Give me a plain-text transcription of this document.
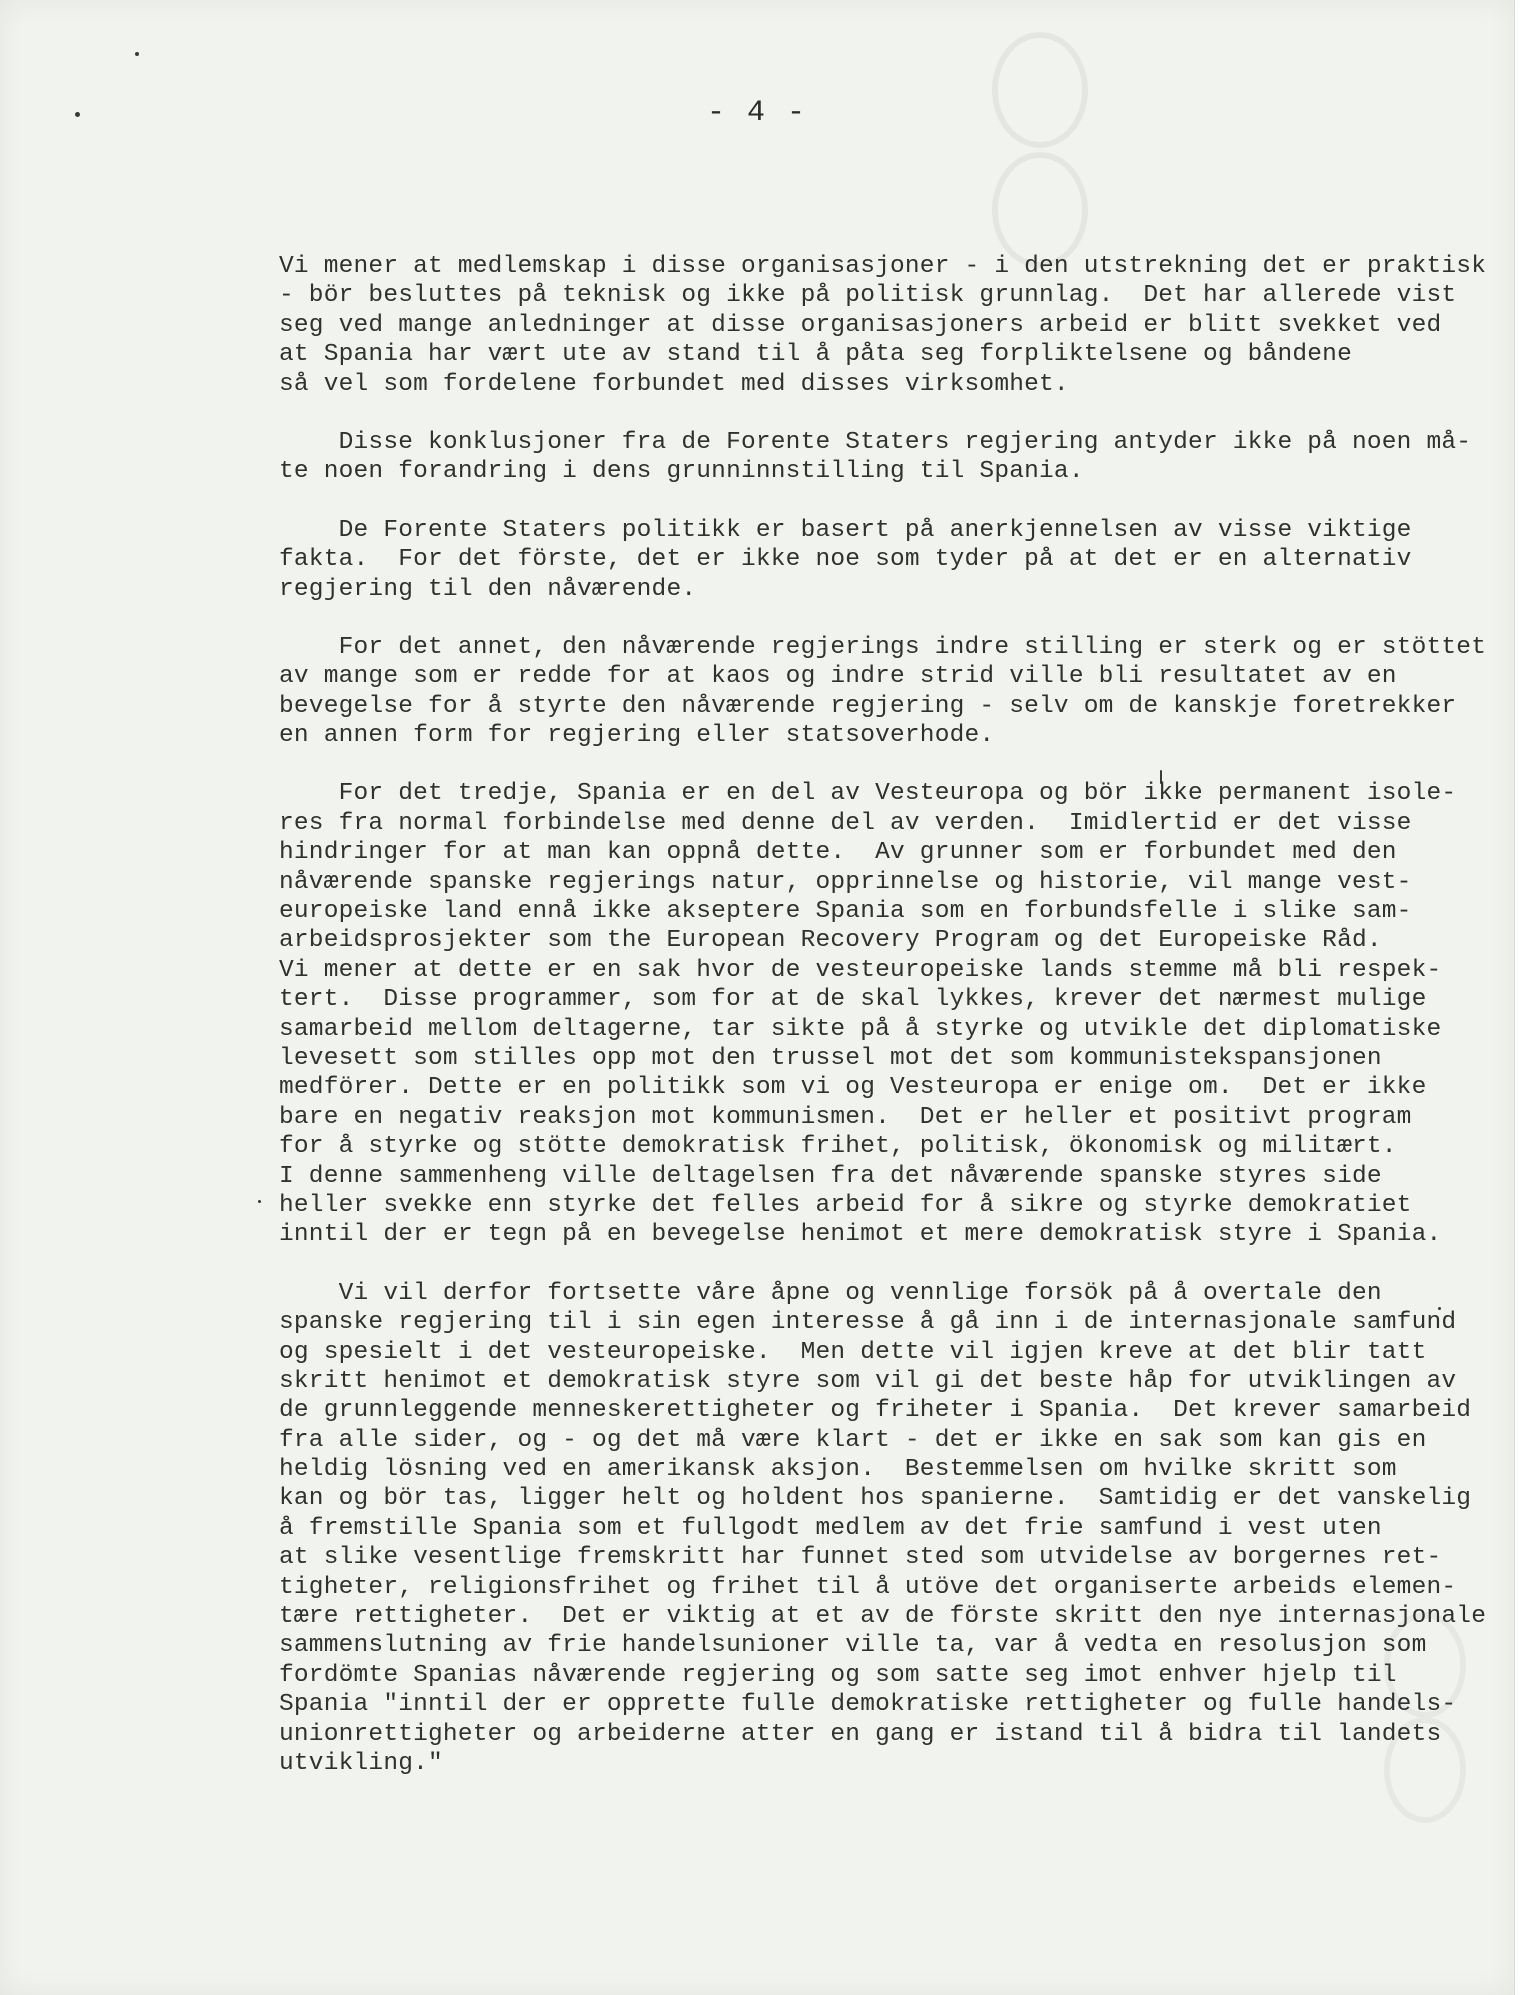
- 4 -
Vi mener at medlemskap i disse organisasjoner - i den utstrekning det er praktisk
- bör besluttes på teknisk og ikke på politisk grunnlag.  Det har allerede vist
seg ved mange anledninger at disse organisasjoners arbeid er blitt svekket ved
at Spania har vært ute av stand til å påta seg forpliktelsene og båndene
så vel som fordelene forbundet med disses virksomhet.
Disse konklusjoner fra de Forente Staters regjering antyder ikke på noen må-
te noen forandring i dens grunninnstilling til Spania.
De Forente Staters politikk er basert på anerkjennelsen av visse viktige
fakta.  For det förste, det er ikke noe som tyder på at det er en alternativ
regjering til den nåværende.
For det annet, den nåværende regjerings indre stilling er sterk og er stöttet
av mange som er redde for at kaos og indre strid ville bli resultatet av en
bevegelse for å styrte den nåværende regjering - selv om de kanskje foretrekker
en annen form for regjering eller statsoverhode.
For det tredje, Spania er en del av Vesteuropa og bör ikke permanent isole-
res fra normal forbindelse med denne del av verden.  Imidlertid er det visse
hindringer for at man kan oppnå dette.  Av grunner som er forbundet med den
nåværende spanske regjerings natur, opprinnelse og historie, vil mange vest-
europeiske land ennå ikke akseptere Spania som en forbundsfelle i slike sam-
arbeidsprosjekter som the European Recovery Program og det Europeiske Råd.
Vi mener at dette er en sak hvor de vesteuropeiske lands stemme må bli respek-
tert.  Disse programmer, som for at de skal lykkes, krever det nærmest mulige
samarbeid mellom deltagerne, tar sikte på å styrke og utvikle det diplomatiske
levesett som stilles opp mot den trussel mot det som kommunistekspansjonen
medförer. Dette er en politikk som vi og Vesteuropa er enige om.  Det er ikke
bare en negativ reaksjon mot kommunismen.  Det er heller et positivt program
for å styrke og stötte demokratisk frihet, politisk, ökonomisk og militært.
I denne sammenheng ville deltagelsen fra det nåværende spanske styres side
heller svekke enn styrke det felles arbeid for å sikre og styrke demokratiet
inntil der er tegn på en bevegelse henimot et mere demokratisk styre i Spania.
Vi vil derfor fortsette våre åpne og vennlige forsök på å overtale den
spanske regjering til i sin egen interesse å gå inn i de internasjonale samfund
og spesielt i det vesteuropeiske.  Men dette vil igjen kreve at det blir tatt
skritt henimot et demokratisk styre som vil gi det beste håp for utviklingen av
de grunnleggende menneskerettigheter og friheter i Spania.  Det krever samarbeid
fra alle sider, og - og det må være klart - det er ikke en sak som kan gis en
heldig lösning ved en amerikansk aksjon.  Bestemmelsen om hvilke skritt som
kan og bör tas, ligger helt og holdent hos spanierne.  Samtidig er det vanskelig
å fremstille Spania som et fullgodt medlem av det frie samfund i vest uten
at slike vesentlige fremskritt har funnet sted som utvidelse av borgernes ret-
tigheter, religionsfrihet og frihet til å utöve det organiserte arbeids elemen-
tære rettigheter.  Det er viktig at et av de förste skritt den nye internasjonale
sammenslutning av frie handelsunioner ville ta, var å vedta en resolusjon som
fordömte Spanias nåværende regjering og som satte seg imot enhver hjelp til
Spania "inntil der er opprette fulle demokratiske rettigheter og fulle handels-
unionrettigheter og arbeiderne atter en gang er istand til å bidra til landets
utvikling."
